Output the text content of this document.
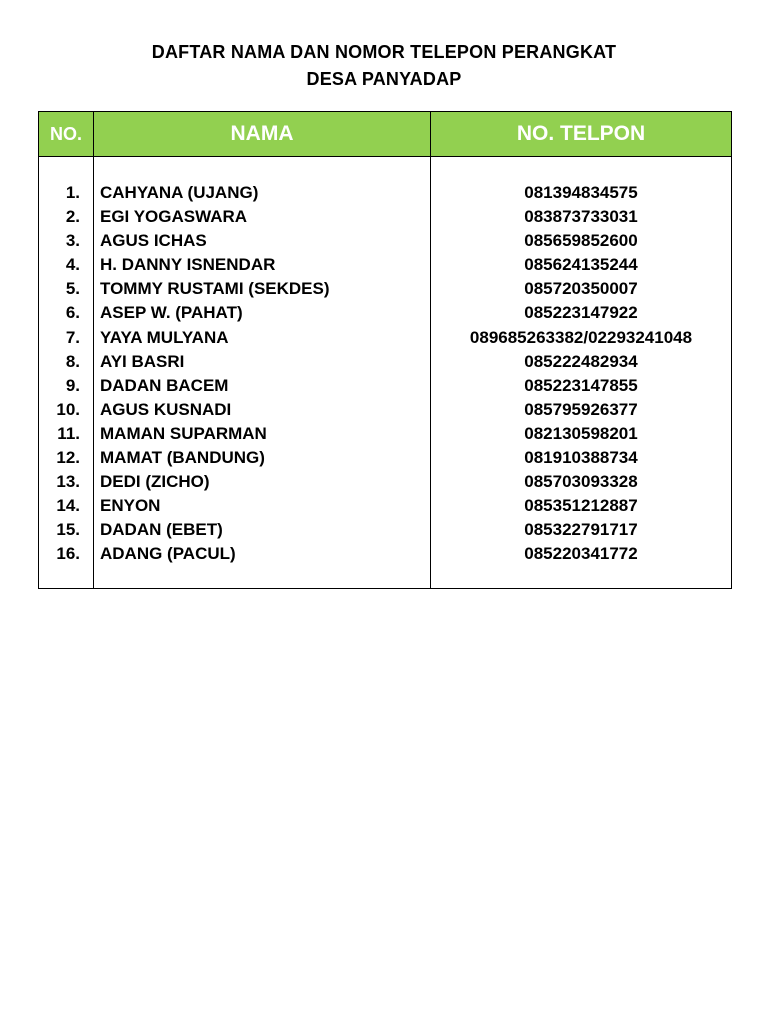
DAFTAR NAMA DAN NOMOR TELEPON PERANGKAT
DESA PANYADAP
NO.	NAMA	NO. TELPON
1. CAHYANA (UJANG)	081394834575
2. EGI YOGASWARA	083873733031
3. AGUS ICHAS	085659852600
4. H. DANNY ISNENDAR	085624135244
5. TOMMY RUSTAMI (SEKDES)	085720350007
6. ASEP W. (PAHAT)	085223147922
7. YAYA MULYANA	089685263382/02293241048
8. AYI BASRI	085222482934
9. DADAN BACEM	085223147855
10. AGUS KUSNADI	085795926377
11. MAMAN SUPARMAN	082130598201
12. MAMAT (BANDUNG)	081910388734
13. DEDI (ZICHO)	085703093328
14. ENYON	085351212887
15. DADAN (EBET)	085322791717
16. ADANG (PACUL)	085220341772
